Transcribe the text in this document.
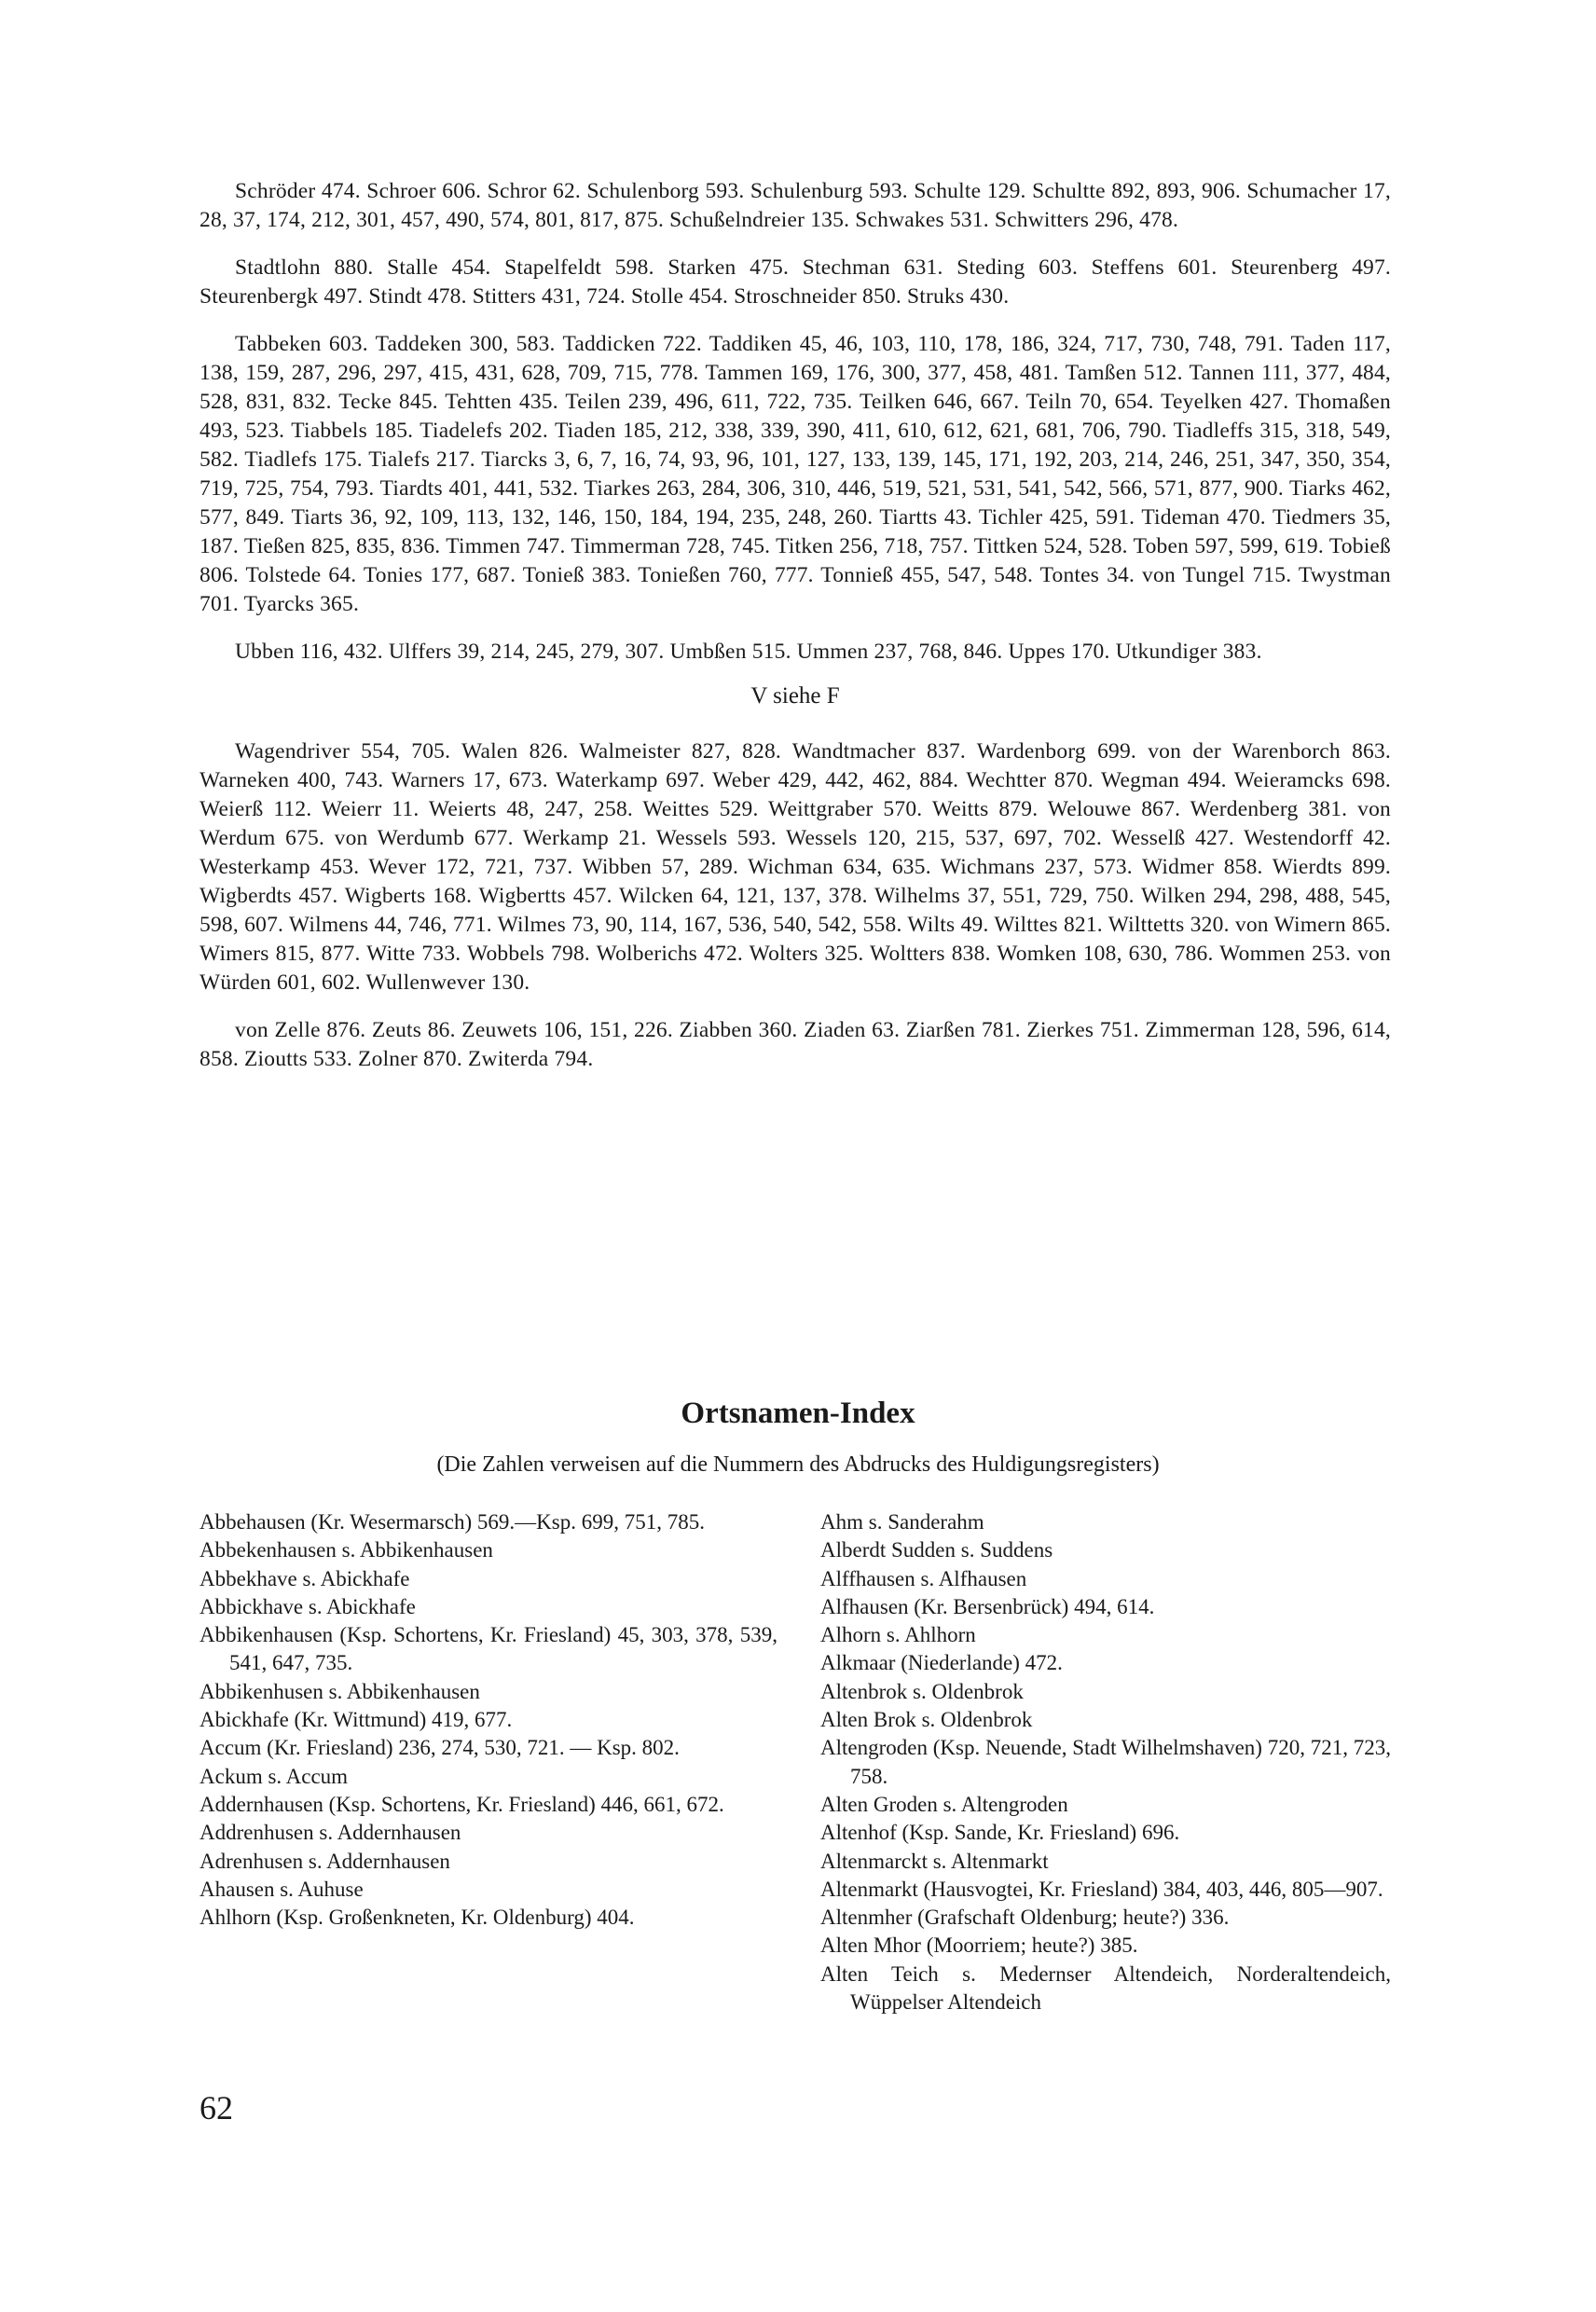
Schröder 474. Schroer 606. Schror 62. Schulenborg 593. Schulenburg 593. Schulte 129. Schultte 892, 893, 906. Schumacher 17, 28, 37, 174, 212, 301, 457, 490, 574, 801, 817, 875. Schußelndreier 135. Schwakes 531. Schwitters 296, 478.

Stadtlohn 880. Stalle 454. Stapelfeldt 598. Starken 475. Stechman 631. Steding 603. Steffens 601. Steurenberg 497. Steurenbergk 497. Stindt 478. Stitters 431, 724. Stolle 454. Stroschneider 850. Struks 430.

Tabbeken 603. Taddeken 300, 583. Taddicken 722. Taddiken 45, 46, 103, 110, 178, 186, 324, 717, 730, 748, 791. Taden 117, 138, 159, 287, 296, 297, 415, 431, 628, 709, 715, 778. Tammen 169, 176, 300, 377, 458, 481. Tamßen 512. Tannen 111, 377, 484, 528, 831, 832. Tecke 845. Tehtten 435. Teilen 239, 496, 611, 722, 735. Teilken 646, 667. Teiln 70, 654. Teyelken 427. Thomaßen 493, 523. Tiabbels 185. Tiadelefs 202. Tiaden 185, 212, 338, 339, 390, 411, 610, 612, 621, 681, 706, 790. Tiadleffs 315, 318, 549, 582. Tiadlefs 175. Tialefs 217. Tiarcks 3, 6, 7, 16, 74, 93, 96, 101, 127, 133, 139, 145, 171, 192, 203, 214, 246, 251, 347, 350, 354, 719, 725, 754, 793. Tiardts 401, 441, 532. Tiarkes 263, 284, 306, 310, 446, 519, 521, 531, 541, 542, 566, 571, 877, 900. Tiarks 462, 577, 849. Tiarts 36, 92, 109, 113, 132, 146, 150, 184, 194, 235, 248, 260. Tiartts 43. Tichler 425, 591. Tideman 470. Tiedmers 35, 187. Tießen 825, 835, 836. Timmen 747. Timmerman 728, 745. Titken 256, 718, 757. Tittken 524, 528. Toben 597, 599, 619. Tobieß 806. Tolstede 64. Tonies 177, 687. Tonieß 383. Tonießen 760, 777. Tonnieß 455, 547, 548. Tontes 34. von Tungel 715. Twystman 701. Tyarcks 365.

Ubben 116, 432. Ulffers 39, 214, 245, 279, 307. Umbßen 515. Ummen 237, 768, 846. Uppes 170. Utkundiger 383.

V siehe F

Wagendriver 554, 705. Walen 826. Walmeister 827, 828. Wandtmacher 837. Wardenborg 699. von der Warenborch 863. Warneken 400, 743. Warners 17, 673. Waterkamp 697. Weber 429, 442, 462, 884. Wechtter 870. Wegman 494. Weieramcks 698. Weierß 112. Weierr 11. Weierts 48, 247, 258. Weittes 529. Weittgraber 570. Weitts 879. Welouwe 867. Werdenberg 381. von Werdum 675. von Werdumb 677. Werkamp 21. Wessels 593. Wessels 120, 215, 537, 697, 702. Wesselß 427. Westendorff 42. Westerkamp 453. Wever 172, 721, 737. Wibben 57, 289. Wichman 634, 635. Wichmans 237, 573. Widmer 858. Wierdts 899. Wigberdts 457. Wigberts 168. Wigbertts 457. Wilcken 64, 121, 137, 378. Wilhelms 37, 551, 729, 750. Wilken 294, 298, 488, 545, 598, 607. Wilmens 44, 746, 771. Wilmes 73, 90, 114, 167, 536, 540, 542, 558. Wilts 49. Wilttes 821. Wilttetts 320. von Wimern 865. Wimers 815, 877. Witte 733. Wobbels 798. Wolberichs 472. Wolters 325. Woltters 838. Womken 108, 630, 786. Wommen 253. von Würden 601, 602. Wullenwever 130.

von Zelle 876. Zeuts 86. Zeuwets 106, 151, 226. Ziabben 360. Ziaden 63. Ziarßen 781. Zierkes 751. Zimmerman 128, 596, 614, 858. Zioutts 533. Zolner 870. Zwiterda 794.

Ortsnamen-Index
(Die Zahlen verweisen auf die Nummern des Abdrucks des Huldigungsregisters)

Abbehausen (Kr. Wesermarsch) 569.—Ksp. 699, 751, 785.

Abbekenhausen s. Abbikenhausen

Abbekhave s. Abickhafe

Abbickhave s. Abickhafe

Abbikenhausen (Ksp. Schortens, Kr. Friesland) 45, 303, 378, 539, 541, 647, 735.

Abbikenhusen s. Abbikenhausen

Abickhafe (Kr. Wittmund) 419, 677.

Accum (Kr. Friesland) 236, 274, 530, 721. — Ksp. 802.

Ackum s. Accum

Addernhausen (Ksp. Schortens, Kr. Friesland) 446, 661, 672.

Addrenhusen s. Addernhausen

Adrenhusen s. Addernhausen

Ahausen s. Auhuse

Ahlhorn (Ksp. Großenkneten, Kr. Oldenburg) 404.

Ahm s. Sanderahm

Alberdt Sudden s. Suddens

Alffhausen s. Alfhausen

Alfhausen (Kr. Bersenbrück) 494, 614.

Alhorn s. Ahlhorn

Alkmaar (Niederlande) 472.

Altenbrok s. Oldenbrok

Alten Brok s. Oldenbrok

Altengroden (Ksp. Neuende, Stadt Wilhelmshaven) 720, 721, 723, 758.

Alten Groden s. Altengroden

Altenhof (Ksp. Sande, Kr. Friesland) 696.

Altenmarckt s. Altenmarkt

Altenmarkt (Hausvogtei, Kr. Friesland) 384, 403, 446, 805—907.

Altenmher (Grafschaft Oldenburg; heute?) 336.

Alten Mhor (Moorriem; heute?) 385.

Alten Teich s. Medernser Altendeich, Norderaltendeich, Wüppelser Altendeich

62
